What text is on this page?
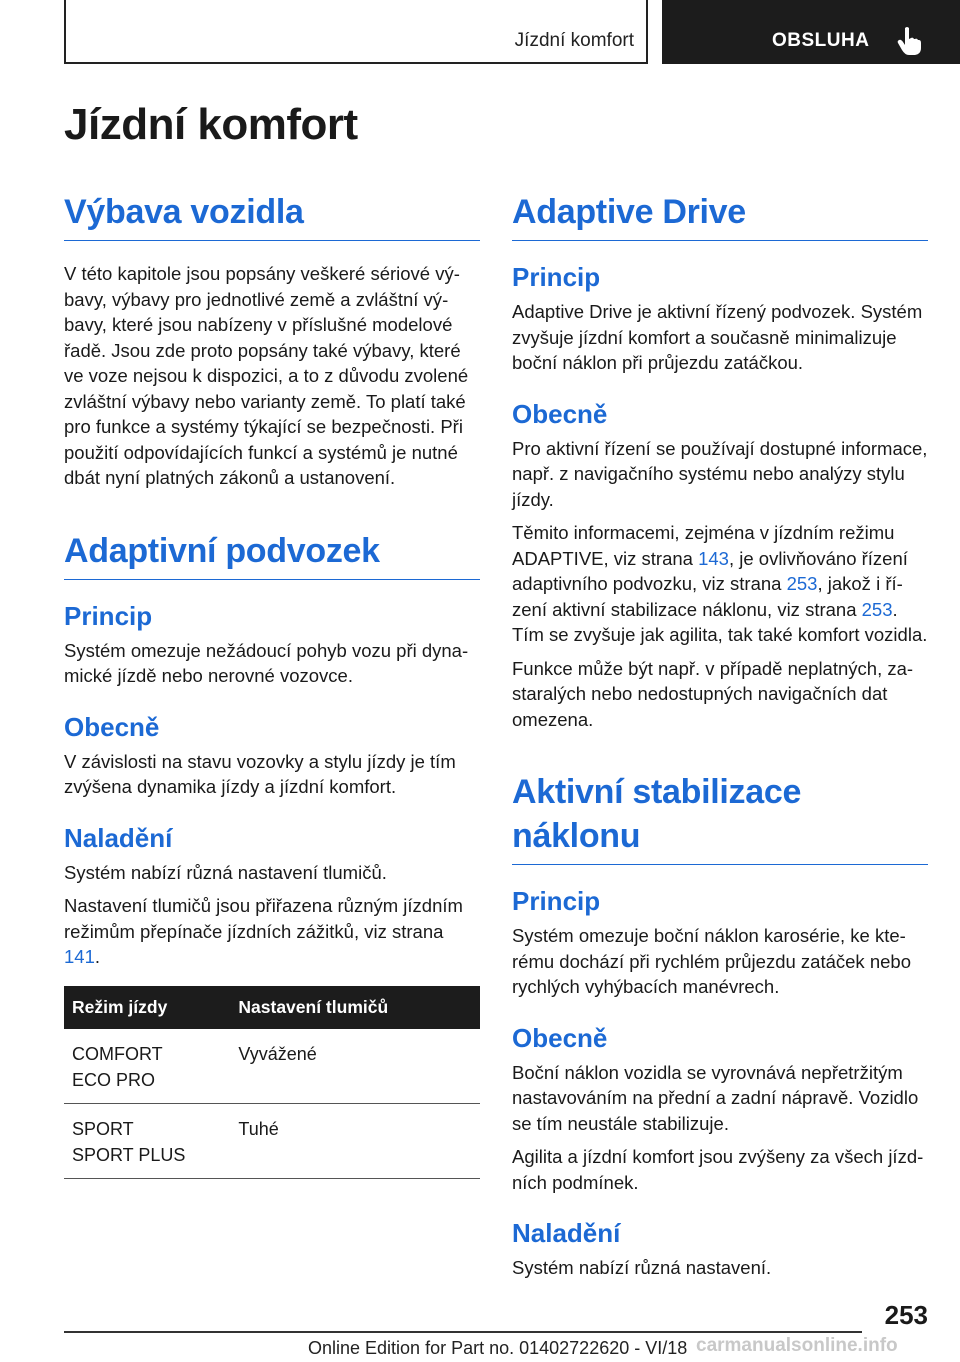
Jízdní komfort	OBSLUHA
Jízdní komfort
Výbava vozidla

V této kapitole jsou popsány veškeré sériové výbavy, výbavy pro jednotlivé země a zvláštní výbavy, které jsou nabízeny v příslušné modelové řadě. Jsou zde proto popsány také výbavy, které ve voze nejsou k dispozici, a to z důvodu zvolené zvláštní výbavy nebo varianty země. To platí také pro funkce a systémy týkající se bezpečnosti. Při použití odpovídajících funkcí a systémů je nutné dbát nyní platných zákonů a ustanovení.

Adaptivní podvozek
Princip

Systém omezuje nežádoucí pohyb vozu při dynamické jízdě nebo nerovné vozovce.

Obecně

V závislosti na stavu vozovky a stylu jízdy je tím zvýšena dynamika jízdy a jízdní komfort.

Naladění

Systém nabízí různá nastavení tlumičů.

Nastavení tlumičů jsou přiřazena různým jízdním režimům přepínače jízdních zážitků, viz strana 141.

Režim jízdy	Nastavení tlumičů
COMFORT
ECO PRO	Vyvážené
SPORT
SPORT PLUS	Tuhé
Adaptive Drive
Princip

Adaptive Drive je aktivní řízený podvozek. Systém zvyšuje jízdní komfort a současně minimalizuje boční náklon při průjezdu zatáčkou.

Obecně

Pro aktivní řízení se používají dostupné informace, např. z navigačního systému nebo analýzy stylu jízdy.

Těmito informacemi, zejména v jízdním režimu ADAPTIVE, viz strana 143, je ovlivňováno řízení adaptivního podvozku, viz strana 253, jakož i řízení aktivní stabilizace náklonu, viz strana 253. Tím se zvyšuje jak agilita, tak také komfort vozidla.

Funkce může být např. v případě neplatných, zastaralých nebo nedostupných navigačních dat omezena.

Aktivní stabilizace náklonu
Princip

Systém omezuje boční náklon karosérie, ke kterému dochází při rychlém průjezdu zatáček nebo rychlých vyhýbacích manévrech.

Obecně

Boční náklon vozidla se vyrovnává nepřetržitým nastavováním na přední a zadní nápravě. Vozidlo se tím neustále stabilizuje.

Agilita a jízdní komfort jsou zvýšeny za všech jízdních podmínek.

Naladění

Systém nabízí různá nastavení.

253
Online Edition for Part no. 01402722620 - VI/18 carmanualsonline.info
